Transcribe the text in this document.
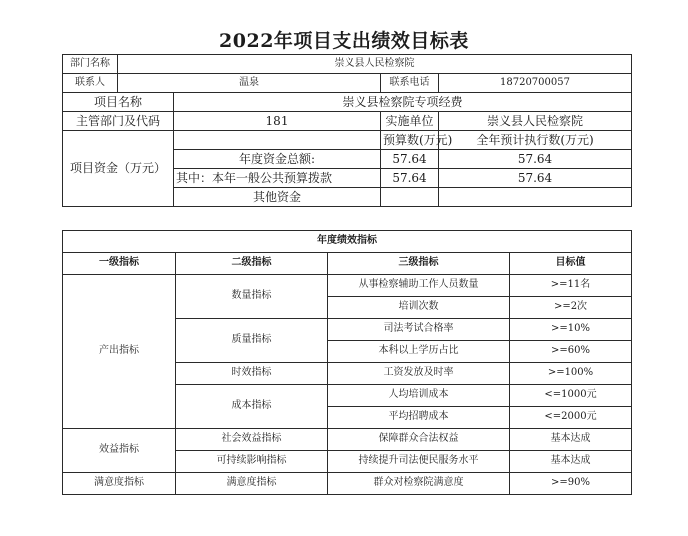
2022年项目支出绩效目标表
部门名称	崇义县人民检察院			
联系人	温泉		联系电话	18720700057
项目名称		崇义县检察院专项经费		
主管部门及代码		181	实施单位	崇义县人民检察院
项目资金（万元）			预算数(万元)	全年预计执行数(万元)
		年度资金总额:	57.64	57.64
		其中：本年一般公共预算拨款	57.64	57.64
		其他资金		
年度绩效指标			
一级指标	二级指标	三级指标	目标值
产出指标	数量指标	从事检察辅助工作人员数量	>=11名
		培训次数	>=2次
	质量指标	司法考试合格率	>=10%
		本科以上学历占比	>=60%
	时效指标	工资发放及时率	>=100%
	成本指标	人均培训成本	<=1000元
		平均招聘成本	<=2000元
效益指标	社会效益指标	保障群众合法权益	基本达成
	可持续影响指标	持续提升司法便民服务水平	基本达成
满意度指标	满意度指标	群众对检察院满意度	>=90%
